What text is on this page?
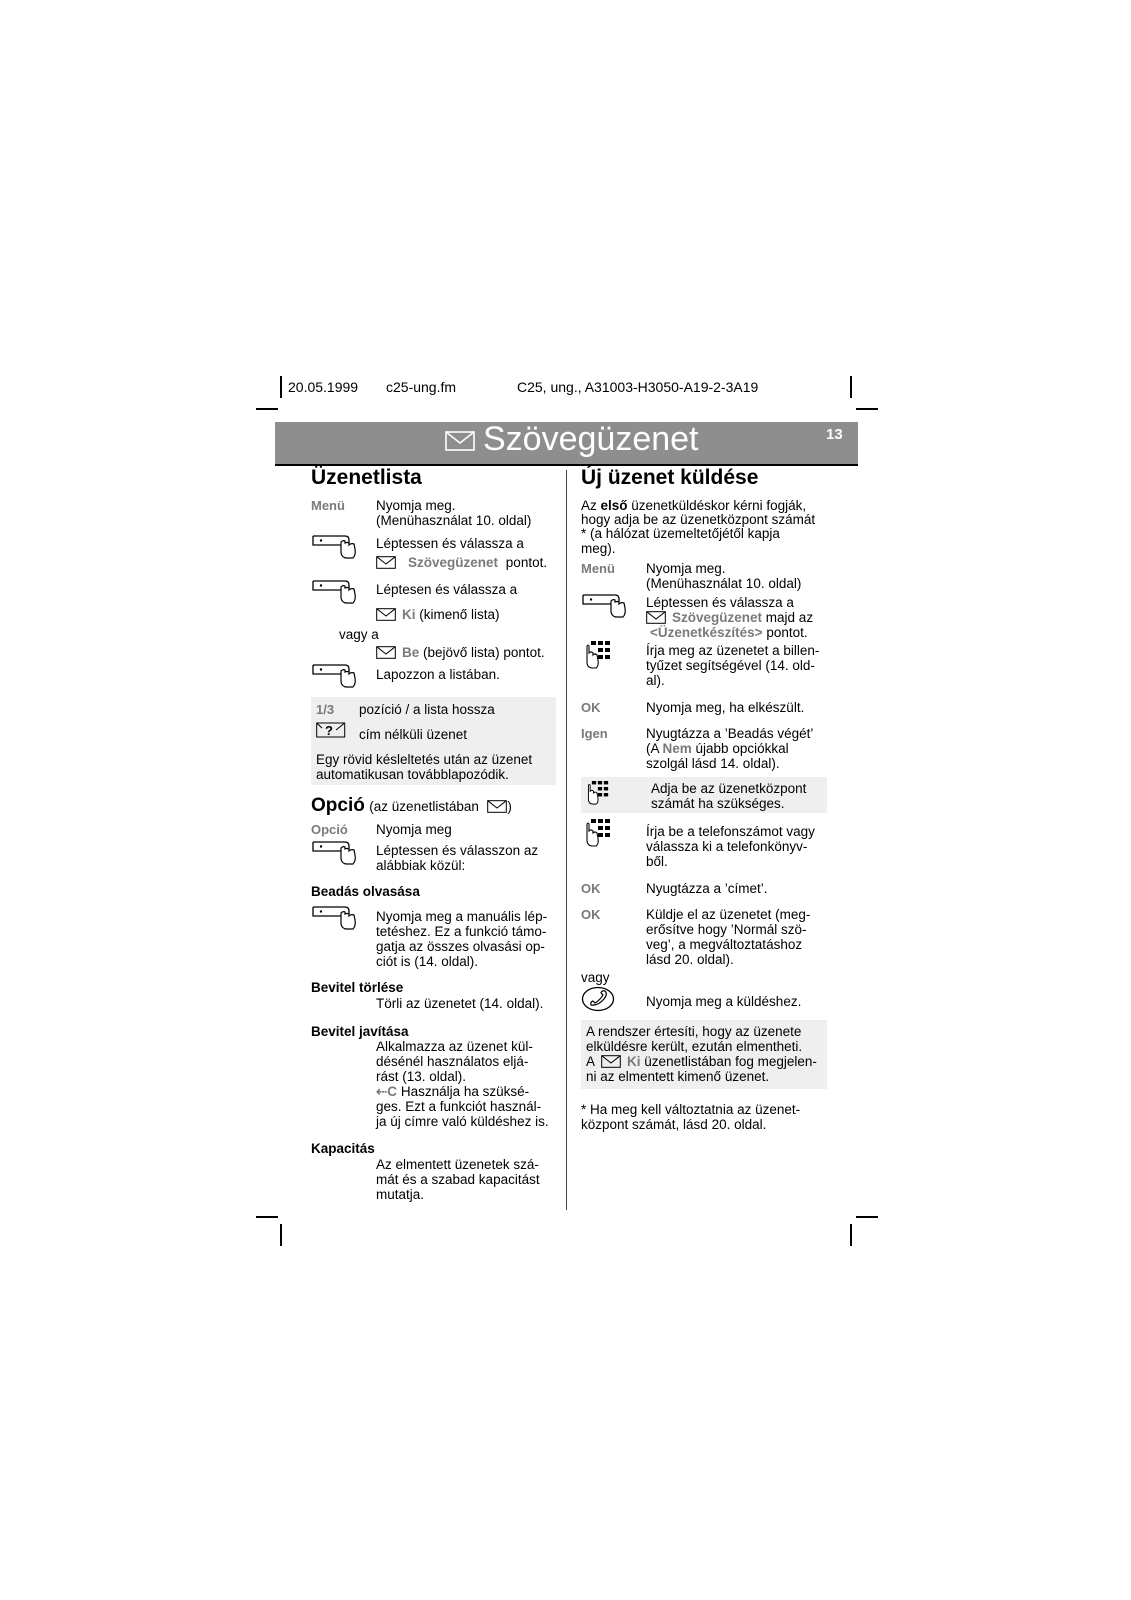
20.05.1999 c25-ung.fm	C25, ung., A31003-H3050-A19-2-3A19
Szövegüzenet	13
Üzenetlista
Menü Nyomja meg.
(Menühasználat 10. oldal)
Léptessen és válassza a
Szövegüzenet pontot.
Léptesen és válassza a
Ki (kimenő lista)
vagy a
Be (bejövő lista) pontot.
Lapozzon a listában.
1/3 pozíció / a lista hossza
? cím nélküli üzenet
Egy rövid késleltetés után az üzenet
automatikusan továbblapozódik.
Opció (az üzenetlistában )
Opció Nyomja meg
Léptessen és válasszon az
alábbiak közül:
Beadás olvasása
Nyomja meg a manuális lép-
tetéshez. Ez a funkció támo-
gatja az összes olvasási op-
ciót is (14. oldal).
Bevitel törlése
Törli az üzenetet (14. oldal).
Bevitel javítása
Alkalmazza az üzenet kül-
désénél használatos eljá-
rást (13. oldal).
⇠C Használja ha szüksé-
ges. Ezt a funkciót használ-
ja új címre való küldéshez is.
Kapacitás
Az elmentett üzenetek szá-
mát és a szabad kapacitást
mutatja.
Új üzenet küldése
Az első üzenetküldéskor kérni fogják,
hogy adja be az üzenetközpont számát
* (a hálózat üzemeltetőjétől kapja
meg).
Menü Nyomja meg.
(Menühasználat 10. oldal)
Léptessen és válassza a
Szövegüzenet majd az
<Üzenetkészítés> pontot.
Írja meg az üzenetet a billen-
tyűzet segítségével (14. old-
al).
OK	Nyomja meg, ha elkészült.
Igen	Nyugtázza a ’Beadás végét’
(A Nem újabb opciókkal
szolgál lásd 14. oldal).
Adja be az üzenetközpont
számát ha szükséges.
Írja be a telefonszámot vagy
válassza ki a telefonkönyv-
ből.
OK	Nyugtázza a ’címet’.
OK	Küldje el az üzenetet (meg-
erősítve hogy ’Normál szö-
veg’, a megváltoztatáshoz
lásd 20. oldal).
vagy
Nyomja meg a küldéshez.
A rendszer értesíti, hogy az üzenete
elküldésre került, ezután elmentheti.
A Ki üzenetlistában fog megjelen-
ni az elmentett kimenő üzenet.
* Ha meg kell változtatnia az üzenet-
központ számát, lásd 20. oldal.
